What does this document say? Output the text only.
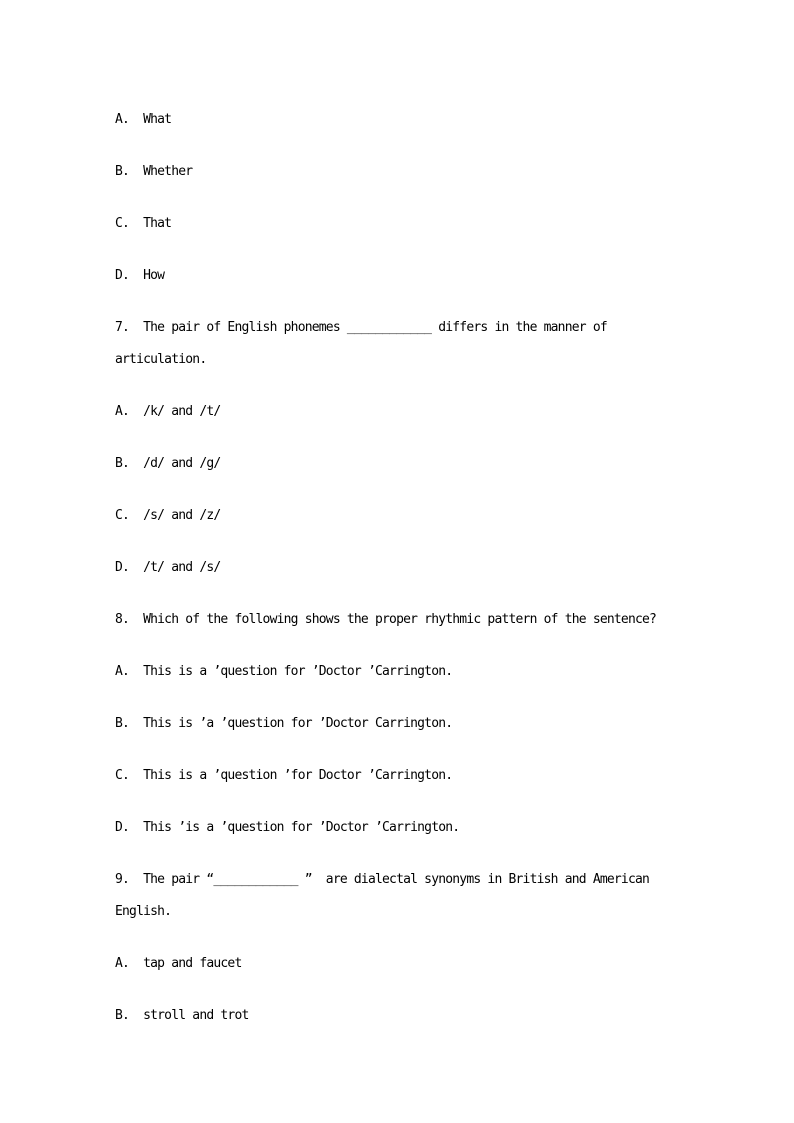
A.  What
B.  Whether
C.  That
D.  How
7.  The pair of English phonemes ____________ differs in the manner of
articulation.
A.  /k/ and /t/
B.  /d/ and /g/
C.  /s/ and /z/
D.  /t/ and /s/
8.  Which of the following shows the proper rhythmic pattern of the sentence?
A.  This is a ’question for ’Doctor ’Carrington.
B.  This is ’a ’question for ’Doctor Carrington.
C.  This is a ’question ’for Doctor ’Carrington.
D.  This ’is a ’question for ’Doctor ’Carrington.
9.  The pair “____________ ”  are dialectal synonyms in British and American
English.
A.  tap and faucet
B.  stroll and trot
